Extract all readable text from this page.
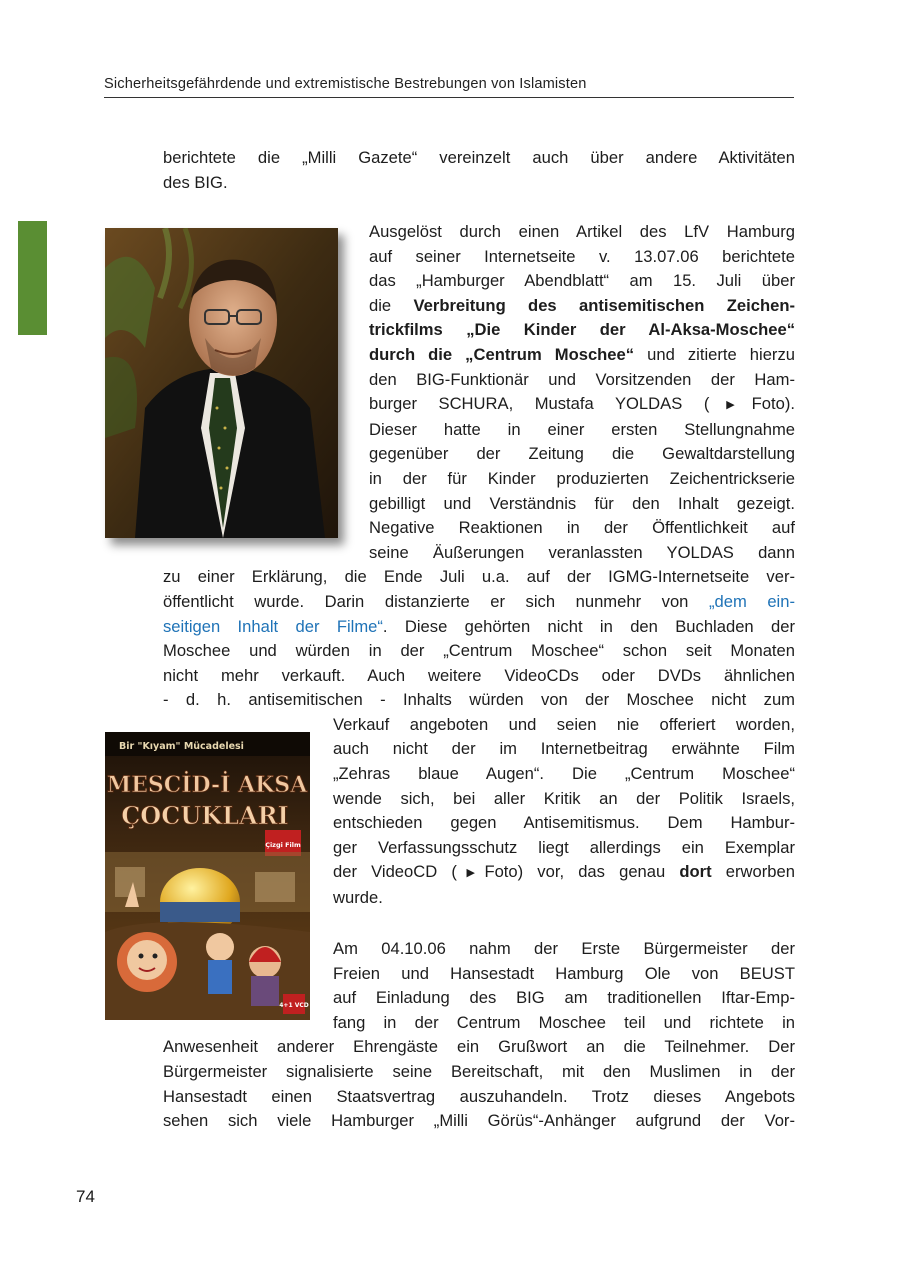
Sicherheitsgefährdende und extremistische Bestrebungen von Islamisten
berichtete die „Milli Gazete“ vereinzelt auch über andere Aktivitäten
des BIG.
Ausgelöst durch einen Artikel des LfV Hamburg
auf seiner Internetseite v. 13.07.06 berichtete
das „Hamburger Abendblatt“ am 15. Juli über
die Verbreitung des antisemitischen Zeichen-
trickfilms „Die Kinder der Al-Aksa-Moschee“
durch die „Centrum Moschee“ und zitierte hierzu
den BIG-Funktionär und Vorsitzenden der Ham-
burger SCHURA, Mustafa YOLDAS (▶Foto).
Dieser hatte in einer ersten Stellungnahme
gegenüber der Zeitung die Gewaltdarstellung
in der für Kinder produzierten Zeichentrickserie
gebilligt und Verständnis für den Inhalt gezeigt.
Negative Reaktionen in der Öffentlichkeit auf
seine Äußerungen veranlassten YOLDAS dann
zu einer Erklärung, die Ende Juli u.a. auf der IGMG-Internetseite ver-
öffentlicht wurde. Darin distanzierte er sich nunmehr von „dem ein-
seitigen Inhalt der Filme“. Diese gehörten nicht in den Buchladen der
Moschee und würden in der „Centrum Moschee“ schon seit Monaten
nicht mehr verkauft. Auch weitere VideoCDs oder DVDs ähnlichen
- d. h. antisemitischen - Inhalts würden von der Moschee nicht zum
Verkauf angeboten und seien nie offeriert worden,
auch nicht der im Internetbeitrag erwähnte Film
„Zehras blaue Augen“. Die „Centrum Moschee“
wende sich, bei aller Kritik an der Politik Israels,
entschieden gegen Antisemitismus. Dem Hambur-
ger Verfassungsschutz liegt allerdings ein Exemplar
der VideoCD (▶Foto) vor, das genau dort erworben
wurde.
Bir "Kıyam" Mücadelesi
MESCİD-İ AKSA
ÇOCUKLARI
Çizgi Film
4+1 VCD
Am 04.10.06 nahm der Erste Bürgermeister der
Freien und Hansestadt Hamburg Ole von BEUST
auf Einladung des BIG am traditionellen Iftar-Emp-
fang in der Centrum Moschee teil und richtete in
Anwesenheit anderer Ehrengäste ein Grußwort an die Teilnehmer. Der
Bürgermeister signalisierte seine Bereitschaft, mit den Muslimen in der
Hansestadt einen Staatsvertrag auszuhandeln. Trotz dieses Angebots
sehen sich viele Hamburger „Milli Görüs“-Anhänger aufgrund der Vor-
74
